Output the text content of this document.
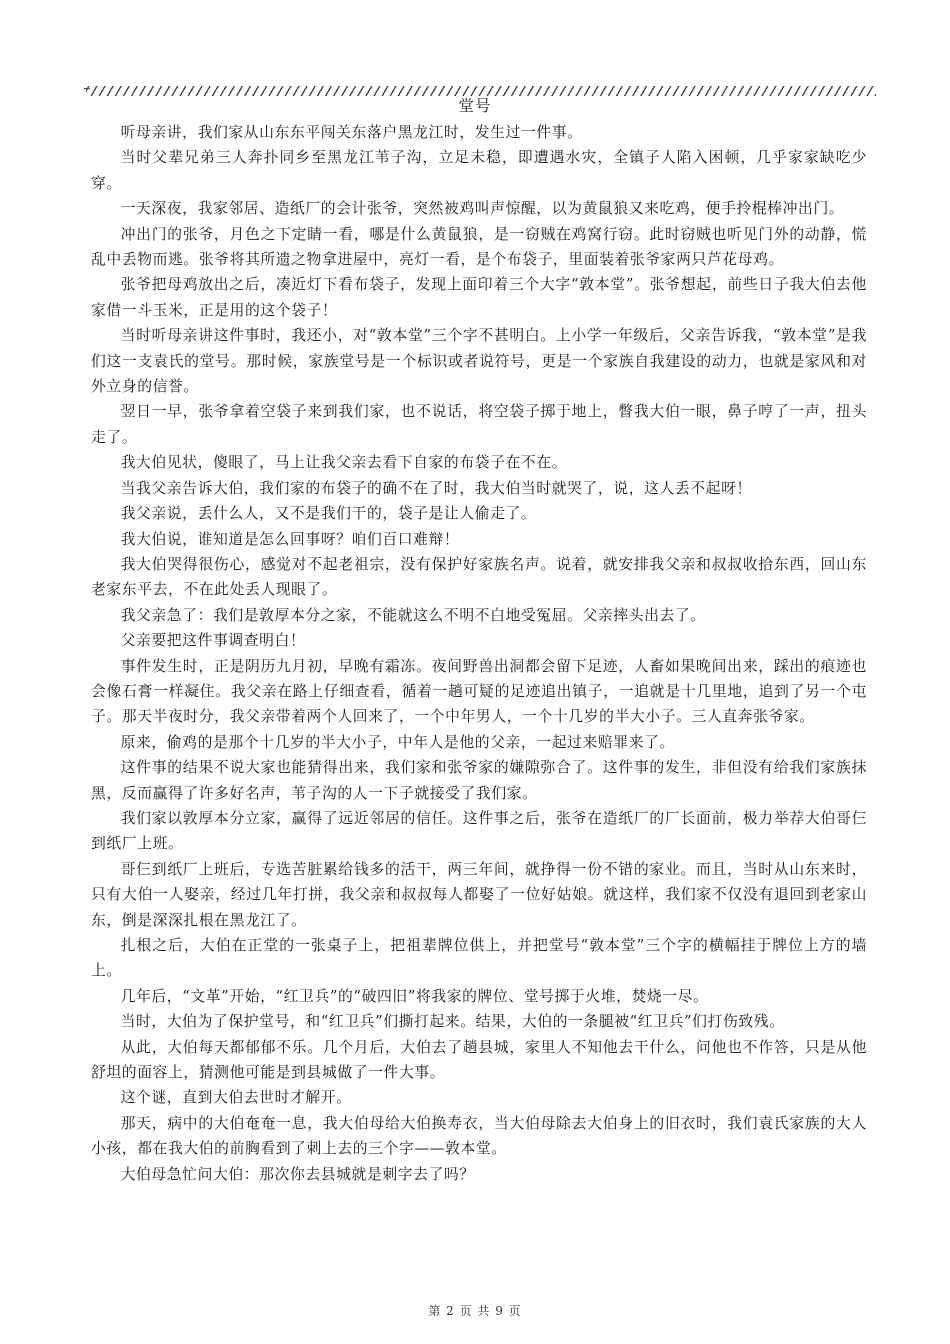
堂号

听母亲讲，我们家从山东东平闯关东落户黑龙江时，发生过一件事。

当时父辈兄弟三人奔扑同乡至黑龙江苇子沟，立足未稳，即遭遇水灾，全镇子人陷入困顿，几乎家家缺吃少穿。

一天深夜，我家邻居、造纸厂的会计张爷，突然被鸡叫声惊醒，以为黄鼠狼又来吃鸡，便手拎棍棒冲出门。

冲出门的张爷，月色之下定睛一看，哪是什么黄鼠狼，是一窃贼在鸡窝行窃。此时窃贼也听见门外的动静，慌乱中丢物而逃。张爷将其所遗之物拿进屋中，亮灯一看，是个布袋子，里面装着张爷家两只芦花母鸡。

张爷把母鸡放出之后，凑近灯下看布袋子，发现上面印着三个大字“敦本堂”。张爷想起，前些日子我大伯去他家借一斗玉米，正是用的这个袋子！

当时听母亲讲这件事时，我还小，对“敦本堂”三个字不甚明白。上小学一年级后，父亲告诉我，“敦本堂”是我们这一支袁氏的堂号。那时候，家族堂号是一个标识或者说符号，更是一个家族自我建设的动力，也就是家风和对外立身的信誉。

翌日一早，张爷拿着空袋子来到我们家，也不说话，将空袋子掷于地上，瞥我大伯一眼，鼻子哼了一声，扭头走了。

我大伯见状，傻眼了，马上让我父亲去看下自家的布袋子在不在。

当我父亲告诉大伯，我们家的布袋子的确不在了时，我大伯当时就哭了，说，这人丢不起呀！

我父亲说，丢什么人，又不是我们干的，袋子是让人偷走了。

我大伯说，谁知道是怎么回事呀？咱们百口难辩！

我大伯哭得很伤心，感觉对不起老祖宗，没有保护好家族名声。说着，就安排我父亲和叔叔收拾东西，回山东老家东平去，不在此处丢人现眼了。

我父亲急了：我们是敦厚本分之家，不能就这么不明不白地受冤屈。父亲摔头出去了。

父亲要把这件事调查明白！

事件发生时，正是阴历九月初，早晚有霜冻。夜间野兽出洞都会留下足迹，人畜如果晚间出来，踩出的痕迹也会像石膏一样凝住。我父亲在路上仔细查看，循着一趟可疑的足迹追出镇子，一追就是十几里地，追到了另一个屯子。那天半夜时分，我父亲带着两个人回来了，一个中年男人，一个十几岁的半大小子。三人直奔张爷家。

原来，偷鸡的是那个十几岁的半大小子，中年人是他的父亲，一起过来赔罪来了。

这件事的结果不说大家也能猜得出来，我们家和张爷家的嫌隙弥合了。这件事的发生，非但没有给我们家族抹黑，反而赢得了许多好名声，苇子沟的人一下子就接受了我们家。

我们家以敦厚本分立家，赢得了远近邻居的信任。这件事之后，张爷在造纸厂的厂长面前，极力举荐大伯哥仨到纸厂上班。

哥仨到纸厂上班后，专选苦脏累给钱多的活干，两三年间，就挣得一份不错的家业。而且，当时从山东来时，只有大伯一人娶亲，经过几年打拼，我父亲和叔叔每人都娶了一位好姑娘。就这样，我们家不仅没有退回到老家山东，倒是深深扎根在黑龙江了。

扎根之后，大伯在正堂的一张桌子上，把祖辈牌位供上，并把堂号“敦本堂”三个字的横幅挂于牌位上方的墙上。

几年后，“文革”开始，“红卫兵”的“破四旧”将我家的牌位、堂号掷于火堆，焚烧一尽。

当时，大伯为了保护堂号，和“红卫兵”们撕打起来。结果，大伯的一条腿被“红卫兵”们打伤致残。

从此，大伯每天都郁郁不乐。几个月后，大伯去了趟县城，家里人不知他去干什么，问他也不作答，只是从他舒坦的面容上，猜测他可能是到县城做了一件大事。

这个谜，直到大伯去世时才解开。

那天，病中的大伯奄奄一息，我大伯母给大伯换寿衣，当大伯母除去大伯身上的旧衣时，我们袁氏家族的大人小孩，都在我大伯的前胸看到了刺上去的三个字——敦本堂。

大伯母急忙问大伯：那次你去县城就是刺字去了吗？

第 2 页 共 9 页
